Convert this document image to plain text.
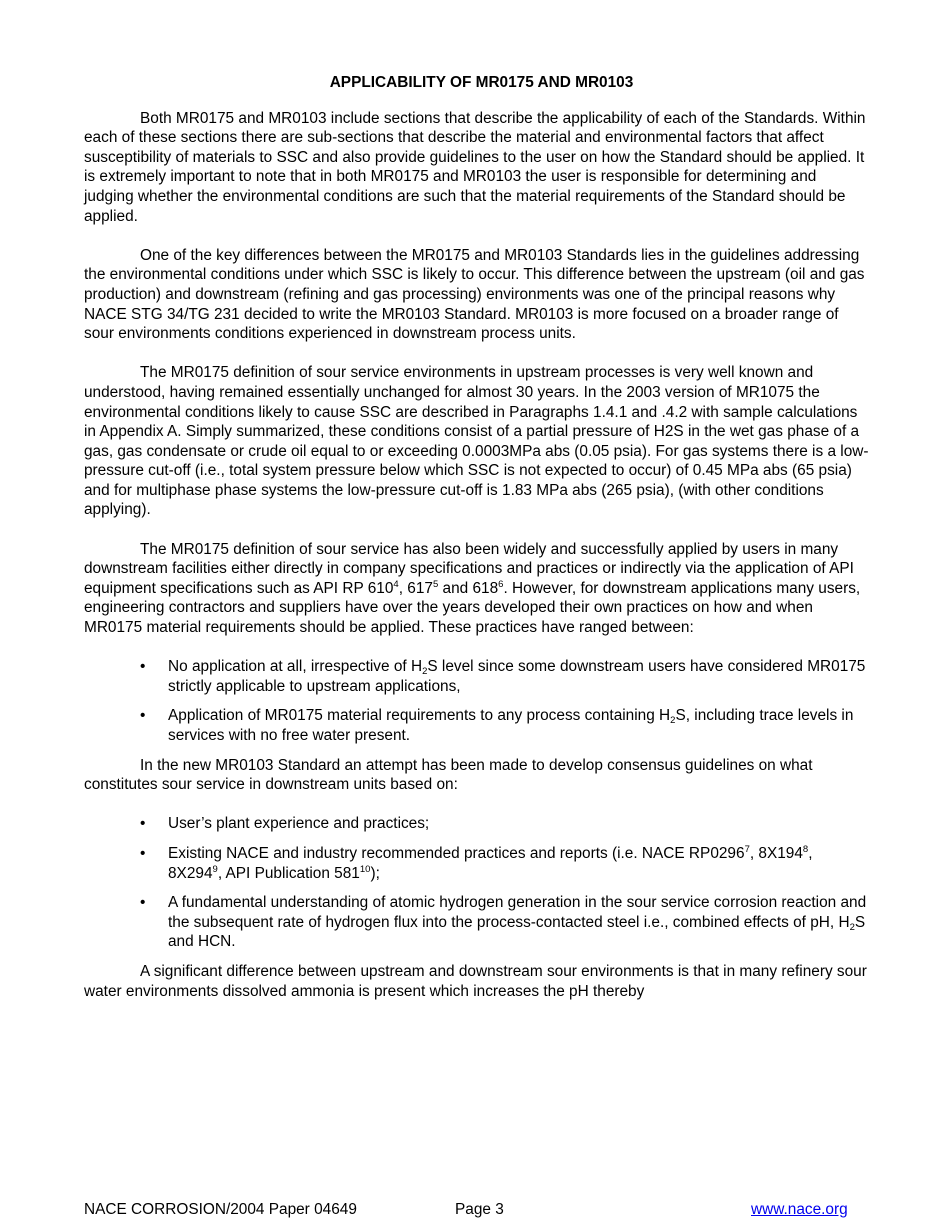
APPLICABILITY OF MR0175 AND MR0103

Both MR0175 and MR0103 include sections that describe the applicability of each of the Standards. Within each of these sections there are sub-sections that describe the material and environmental factors that affect susceptibility of materials to SSC and also provide guidelines to the user on how the Standard should be applied. It is extremely important to note that in both MR0175 and MR0103 the user is responsible for determining and judging whether the environmental conditions are such that the material requirements of the Standard should be applied.

One of the key differences between the MR0175 and MR0103 Standards lies in the guidelines addressing the environmental conditions under which SSC is likely to occur. This difference between the upstream (oil and gas production) and downstream (refining and gas processing) environments was one of the principal reasons why NACE STG 34/TG 231 decided to write the MR0103 Standard. MR0103 is more focused on a broader range of sour environments conditions experienced in downstream process units.

The MR0175 definition of sour service environments in upstream processes is very well known and understood, having remained essentially unchanged for almost 30 years. In the 2003 version of MR1075 the environmental conditions likely to cause SSC are described in Paragraphs 1.4.1 and .4.2 with sample calculations in Appendix A. Simply summarized, these conditions consist of a partial pressure of H2S in the wet gas phase of a gas, gas condensate or crude oil equal to or exceeding 0.0003MPa abs (0.05 psia). For gas systems there is a low-pressure cut-off (i.e., total system pressure below which SSC is not expected to occur) of 0.45 MPa abs (65 psia) and for multiphase phase systems the low-pressure cut-off is 1.83 MPa abs (265 psia), (with other conditions applying).

The MR0175 definition of sour service has also been widely and successfully applied by users in many downstream facilities either directly in company specifications and practices or indirectly via the application of API equipment specifications such as API RP $610^4$, $617^5$ and $618^6$. However, for downstream applications many users, engineering contractors and suppliers have over the years developed their own practices on how and when MR0175 material requirements should be applied. These practices have ranged between:

• No application at all, irrespective of $H_2S$ level since some downstream users have considered MR0175 strictly applicable to upstream applications,
• Application of MR0175 material requirements to any process containing $H_2S$, including trace levels in services with no free water present.

In the new MR0103 Standard an attempt has been made to develop consensus guidelines on what constitutes sour service in downstream units based on:

• User’s plant experience and practices;
• Existing NACE and industry recommended practices and reports (i.e. NACE RP0296$^7$, $8X194^8$, $8X294^9$, API Publication $581^{10}$);
• A fundamental understanding of atomic hydrogen generation in the sour service corrosion reaction and the subsequent rate of hydrogen flux into the process-contacted steel i.e., combined effects of pH, $H_2S$ and HCN.

A significant difference between upstream and downstream sour environments is that in many refinery sour water environments dissolved ammonia is present which increases the pH thereby

NACE CORROSION/2004 Paper 04649	Page 3	www.nace.org
